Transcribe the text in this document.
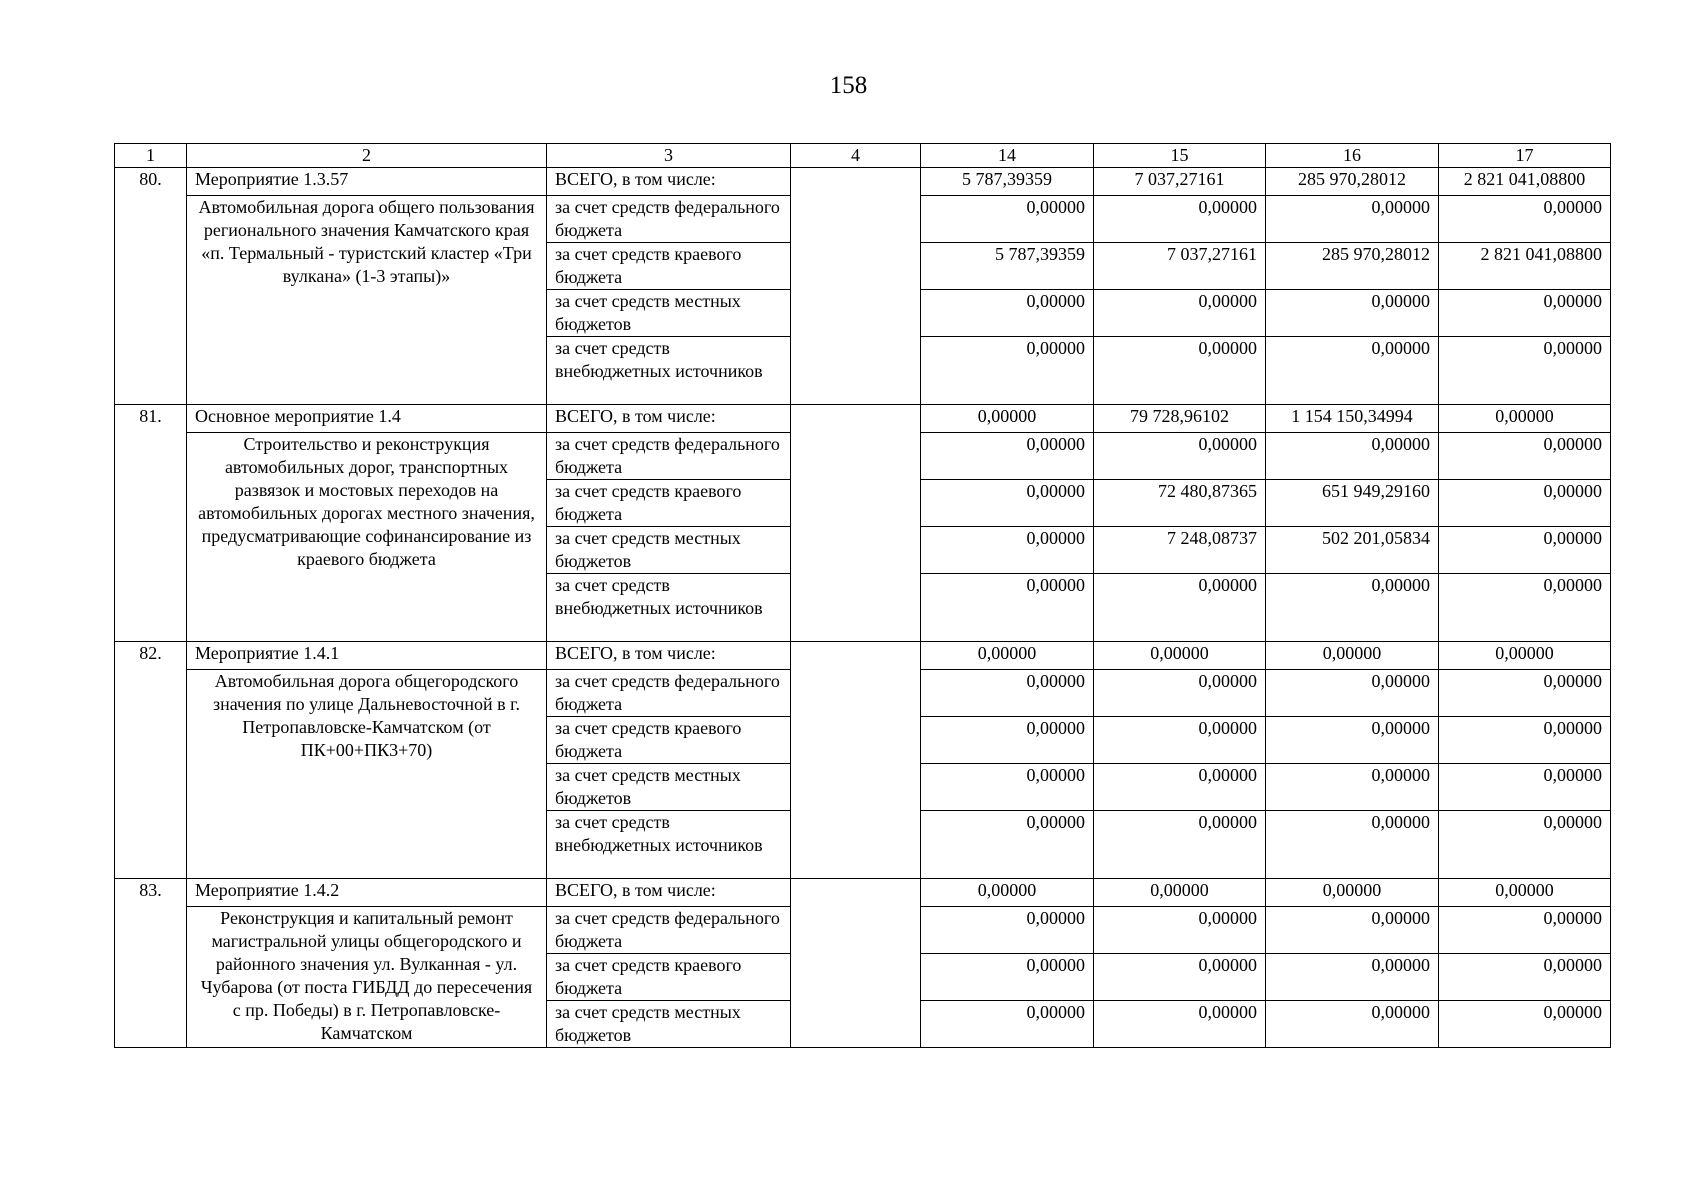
158
1	2	3	4	14	15	16	17
80.	Мероприятие 1.3.57	ВСЕГО, в том числе:		5 787,39359	7 037,27161	285 970,28012	2 821 041,08800
	Автомобильная дорога общего пользования регионального значения Камчатского края «п. Термальный - туристский кластер «Три вулкана» (1-3 этапы)»	за счет средств федерального бюджета		0,00000	0,00000	0,00000	0,00000
		за счет средств краевого бюджета		5 787,39359	7 037,27161	285 970,28012	2 821 041,08800
		за счет средств местных бюджетов		0,00000	0,00000	0,00000	0,00000
		за счет средств внебюджетных источников		0,00000	0,00000	0,00000	0,00000
81.	Основное мероприятие 1.4	ВСЕГО, в том числе:		0,00000	79 728,96102	1 154 150,34994	0,00000
	Строительство и реконструкция автомобильных дорог, транспортных развязок и мостовых переходов на автомобильных дорогах местного значения, предусматривающие софинансирование из краевого бюджета	за счет средств федерального бюджета		0,00000	0,00000	0,00000	0,00000
		за счет средств краевого бюджета		0,00000	72 480,87365	651 949,29160	0,00000
		за счет средств местных бюджетов		0,00000	7 248,08737	502 201,05834	0,00000
		за счет средств внебюджетных источников		0,00000	0,00000	0,00000	0,00000
82.	Мероприятие 1.4.1	ВСЕГО, в том числе:		0,00000	0,00000	0,00000	0,00000
	Автомобильная дорога общегородского значения по улице Дальневосточной в г. Петропавловске-Камчатском (от ПК+00+ПК3+70)	за счет средств федерального бюджета		0,00000	0,00000	0,00000	0,00000
		за счет средств краевого бюджета		0,00000	0,00000	0,00000	0,00000
		за счет средств местных бюджетов		0,00000	0,00000	0,00000	0,00000
		за счет средств внебюджетных источников		0,00000	0,00000	0,00000	0,00000
83.	Мероприятие 1.4.2	ВСЕГО, в том числе:		0,00000	0,00000	0,00000	0,00000
	Реконструкция и капитальный ремонт магистральной улицы общегородского и районного значения ул. Вулканная - ул. Чубарова (от поста ГИБДД до пересечения с пр. Победы) в г. Петропавловске-Камчатском	за счет средств федерального бюджета		0,00000	0,00000	0,00000	0,00000
		за счет средств краевого бюджета		0,00000	0,00000	0,00000	0,00000
		за счет средств местных бюджетов		0,00000	0,00000	0,00000	0,00000
